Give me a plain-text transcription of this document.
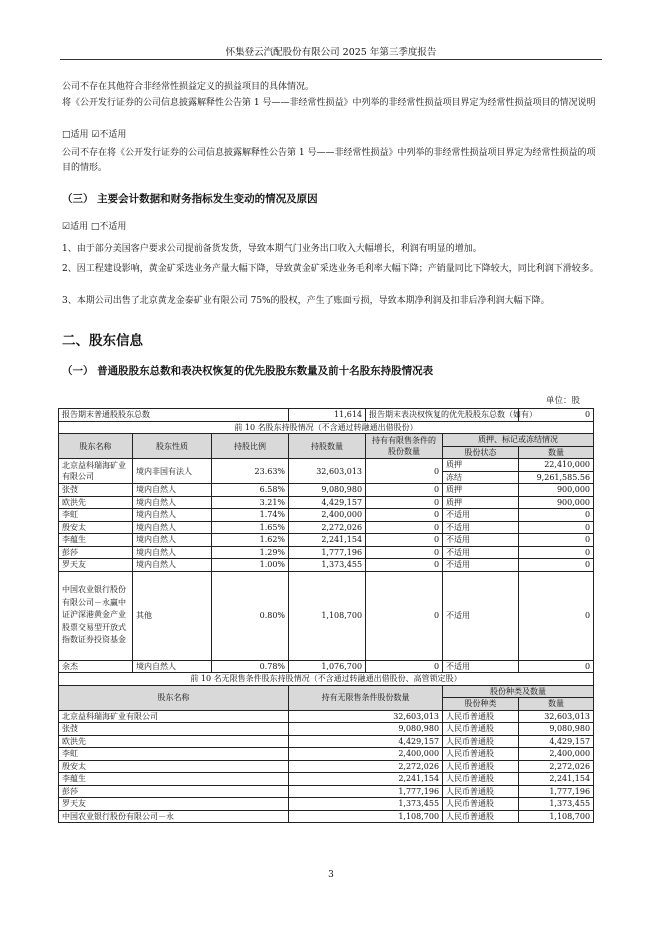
怀集登云汽配股份有限公司 2025 年第三季度报告
公司不存在其他符合非经常性损益定义的损益项目的具体情况。
将《公开发行证券的公司信息披露解释性公告第 1 号——非经常性损益》中列举的非经常性损益项目界定为经常性损益项目的情况说明
□适用 ☑不适用
公司不存在将《公开发行证券的公司信息披露解释性公告第 1 号——非经常性损益》中列举的非经常性损益项目界定为经常性损益的项目的情形。
（三） 主要会计数据和财务指标发生变动的情况及原因
☑适用 □不适用
1、由于部分美国客户要求公司提前备货发货，导致本期气门业务出口收入大幅增长，利润有明显的增加。
2、因工程建设影响，黄金矿采选业务产量大幅下降，导致黄金矿采选业务毛利率大幅下降；产销量同比下降较大，同比利润下滑较多。
3、本期公司出售了北京黄龙金泰矿业有限公司 75%的股权，产生了账面亏损，导致本期净利润及扣非后净利润大幅下降。
二、股东信息
（一） 普通股股东总数和表决权恢复的优先股股东数量及前十名股东持股情况表
单位：股
报告期末普通股股东总数			11,614	报告期末表决权恢复的优先股股东总数（如有）		0
前 10 名股东持股情况（不含通过转融通出借股份）						
股东名称	股东性质	持股比例	持股数量	持有有限售条件的股份数量	质押、标记或冻结情况	
					股份状态	数量
北京益科瑞海矿业有限公司	境内非国有法人	23.63%	32,603,013	0	质押	22,410,000
					冻结	9,261,585.56
张弢	境内自然人	6.58%	9,080,980	0	质押	900,000
欧洪先	境内自然人	3.21%	4,429,157	0	质押	900,000
李虹	境内自然人	1.74%	2,400,000	0	不适用	0
殷安太	境内自然人	1.65%	2,272,026	0	不适用	0
李蕴生	境内自然人	1.62%	2,241,154	0	不适用	0
彭莎	境内自然人	1.29%	1,777,196	0	不适用	0
罗天友	境内自然人	1.00%	1,373,455	0	不适用	0
中国农业银行股份有限公司－永赢中证沪深港黄金产业股票交易型开放式指数证券投资基金	其他	0.80%	1,108,700	0	不适用	0
余杰	境内自然人	0.78%	1,076,700	0	不适用	0
前 10 名无限售条件股东持股情况（不含通过转融通出借股份、高管锁定股）						
股东名称			持有无限售条件股份数量		股份种类及数量	
					股份种类	数量
北京益科瑞海矿业有限公司			32,603,013		人民币普通股	32,603,013
张弢			9,080,980		人民币普通股	9,080,980
欧洪先			4,429,157		人民币普通股	4,429,157
李虹			2,400,000		人民币普通股	2,400,000
殷安太			2,272,026		人民币普通股	2,272,026
李蕴生			2,241,154		人民币普通股	2,241,154
彭莎			1,777,196		人民币普通股	1,777,196
罗天友			1,373,455		人民币普通股	1,373,455
中国农业银行股份有限公司－永			1,108,700		人民币普通股	1,108,700
3
